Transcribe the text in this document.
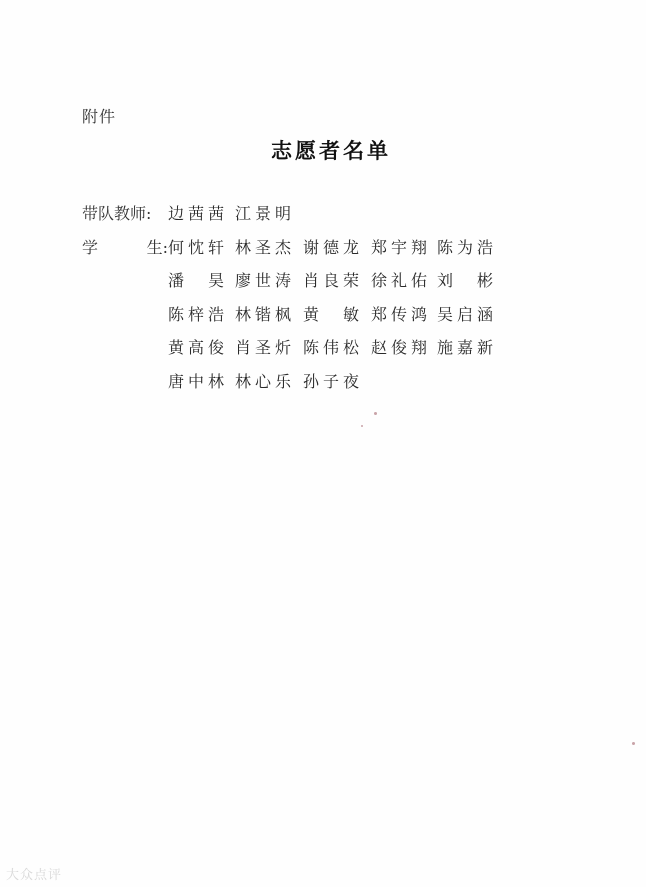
附件
志愿者名单
带队教师:	边 茜 茜 江 景 明
学	生: 何 忱 轩 林 圣 杰 谢 德 龙 郑 宇 翔 陈 为 浩
潘 昊 廖 世 涛 肖 良 荣 徐 礼 佑 刘 彬
陈 梓 浩 林 锴 枫 黄 敏 郑 传 鸿 吴 启 涵
黄 高 俊 肖 圣 炘 陈 伟 松 赵 俊 翔 施 嘉 新
唐 中 林 林 心 乐 孙 子 夜
大众点评
